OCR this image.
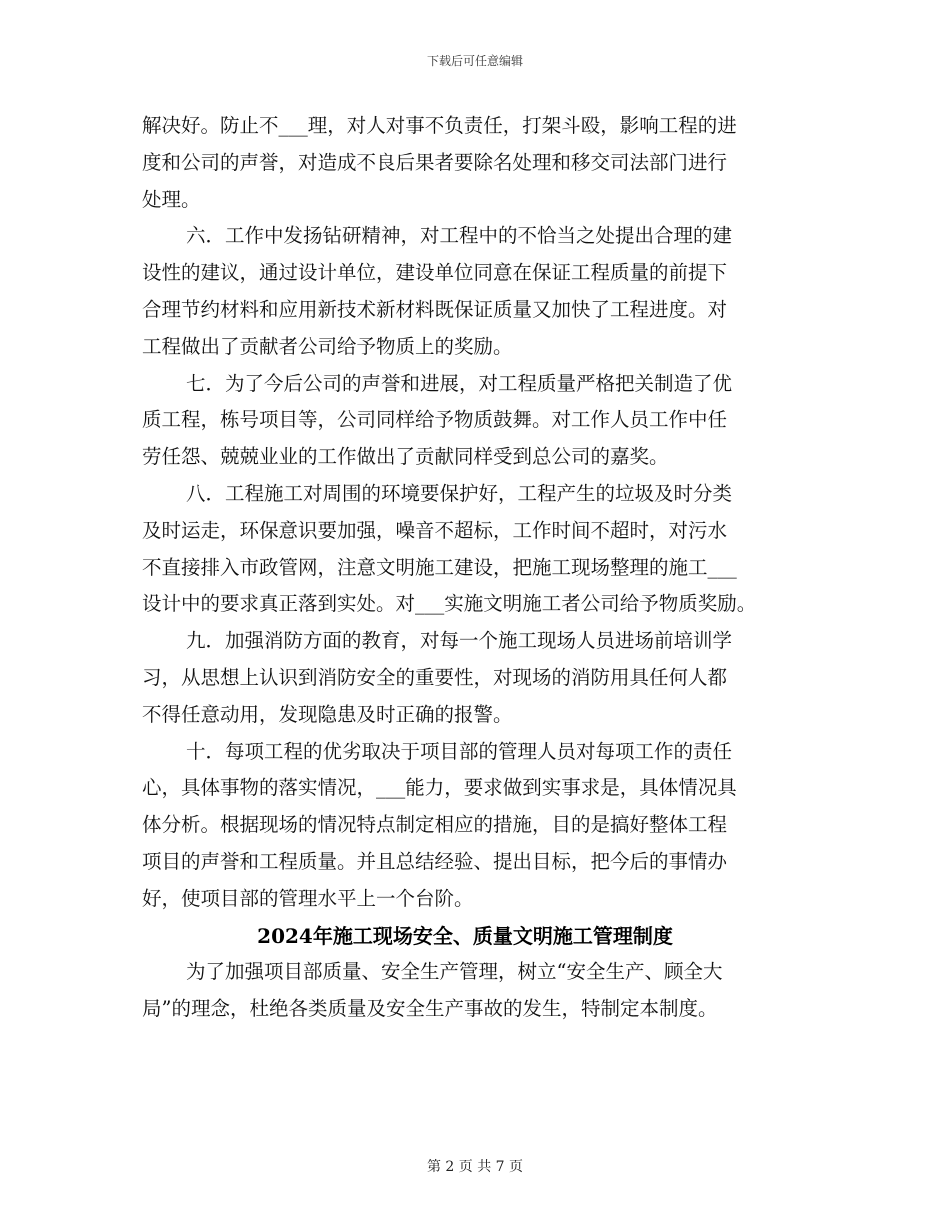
下载后可任意编辑
解决好。防止不___理，对人对事不负责任，打架斗殴，影响工程的进
度和公司的声誉，对造成不良后果者要除名处理和移交司法部门进行
处理。
六．工作中发扬钻研精神，对工程中的不恰当之处提出合理的建
设性的建议，通过设计单位，建设单位同意在保证工程质量的前提下
合理节约材料和应用新技术新材料既保证质量又加快了工程进度。对
工程做出了贡献者公司给予物质上的奖励。
七．为了今后公司的声誉和进展，对工程质量严格把关制造了优
质工程，栋号项目等，公司同样给予物质鼓舞。对工作人员工作中任
劳任怨、兢兢业业的工作做出了贡献同样受到总公司的嘉奖。
八．工程施工对周围的环境要保护好，工程产生的垃圾及时分类
及时运走，环保意识要加强，噪音不超标，工作时间不超时，对污水
不直接排入市政管网，注意文明施工建设，把施工现场整理的施工___
设计中的要求真正落到实处。对___实施文明施工者公司给予物质奖励。
九．加强消防方面的教育，对每一个施工现场人员进场前培训学
习，从思想上认识到消防安全的重要性，对现场的消防用具任何人都
不得任意动用，发现隐患及时正确的报警。
十．每项工程的优劣取决于项目部的管理人员对每项工作的责任
心，具体事物的落实情况，___能力，要求做到实事求是，具体情况具
体分析。根据现场的情况特点制定相应的措施，目的是搞好整体工程
项目的声誉和工程质量。并且总结经验、提出目标，把今后的事情办
好，使项目部的管理水平上一个台阶。
2024年施工现场安全、质量文明施工管理制度
为了加强项目部质量、安全生产管理，树立“安全生产、顾全大
局”的理念，杜绝各类质量及安全生产事故的发生，特制定本制度。
第 2 页 共 7 页
